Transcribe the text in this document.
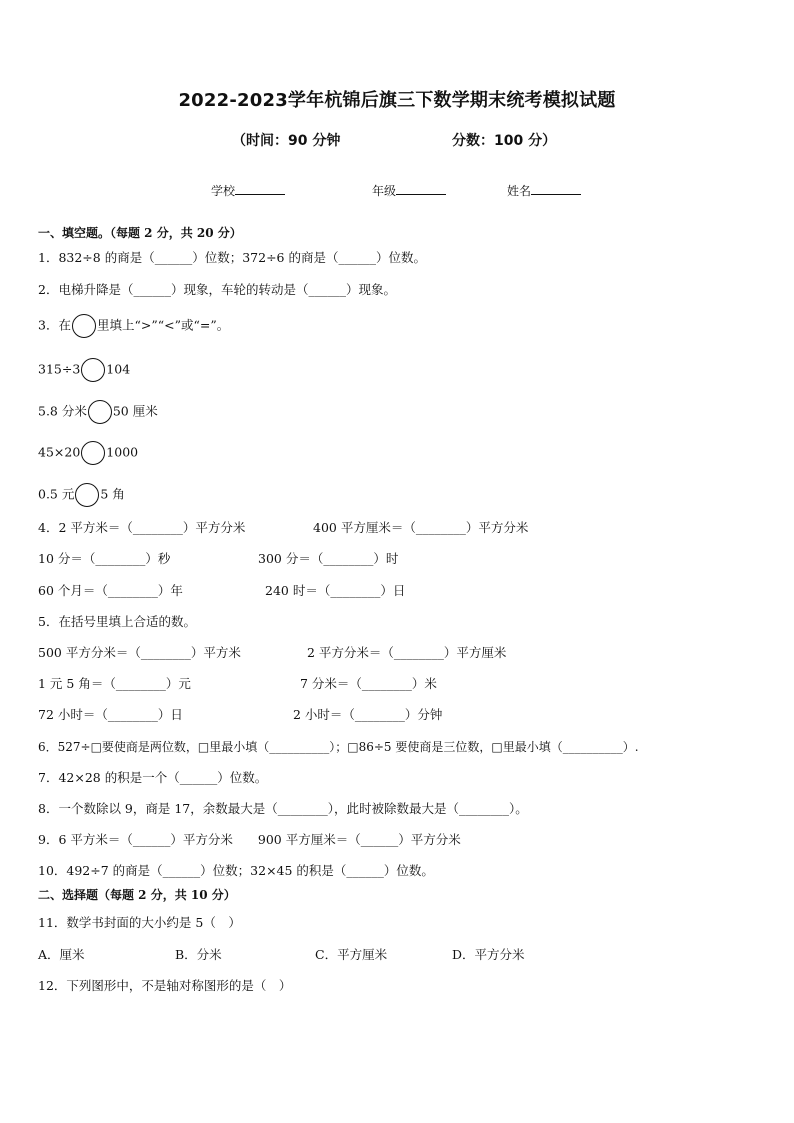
2022-2023学年杭锦后旗三下数学期末统考模拟试题
（时间：90 分钟	分数：100 分）
学校	年级	姓名
一、填空题。（每题 2 分，共 20 分）
1．832÷8 的商是（______）位数；372÷6 的商是（______）位数。
2．电梯升降是（______）现象，车轮的转动是（______）现象。
3．在 里填上“>”“<”或“=”。
315÷3 104
5.8 分米 50 厘米
45×20 1000
0.5 元 5 角
4．2 平方米＝（________）平方分米	400 平方厘米＝（________）平方分米
10 分＝（________）秒	300 分＝（________）时
60 个月＝（________）年	240 时＝（________）日
5．在括号里填上合适的数。
500 平方分米＝（________）平方米	2 平方分米＝（________）平方厘米
1 元 5 角＝（________）元	7 分米＝（________）米
72 小时＝（________）日	2 小时＝（________）分钟
6．527÷□要使商是两位数，□里最小填（__________）；□86÷5 要使商是三位数，□里最小填（__________）.
7．42×28 的积是一个（______）位数。
8．一个数除以 9，商是 17，余数最大是（________），此时被除数最大是（________）。
9．6 平方米＝（______）平方分米　　900 平方厘米＝（______）平方分米
10．492÷7 的商是（______）位数；32×45 的积是（______）位数。
二、选择题（每题 2 分，共 10 分）
11．数学书封面的大小约是 5（　）
A．厘米	B．分米	C．平方厘米	D．平方分米
12．下列图形中，不是轴对称图形的是（　）
